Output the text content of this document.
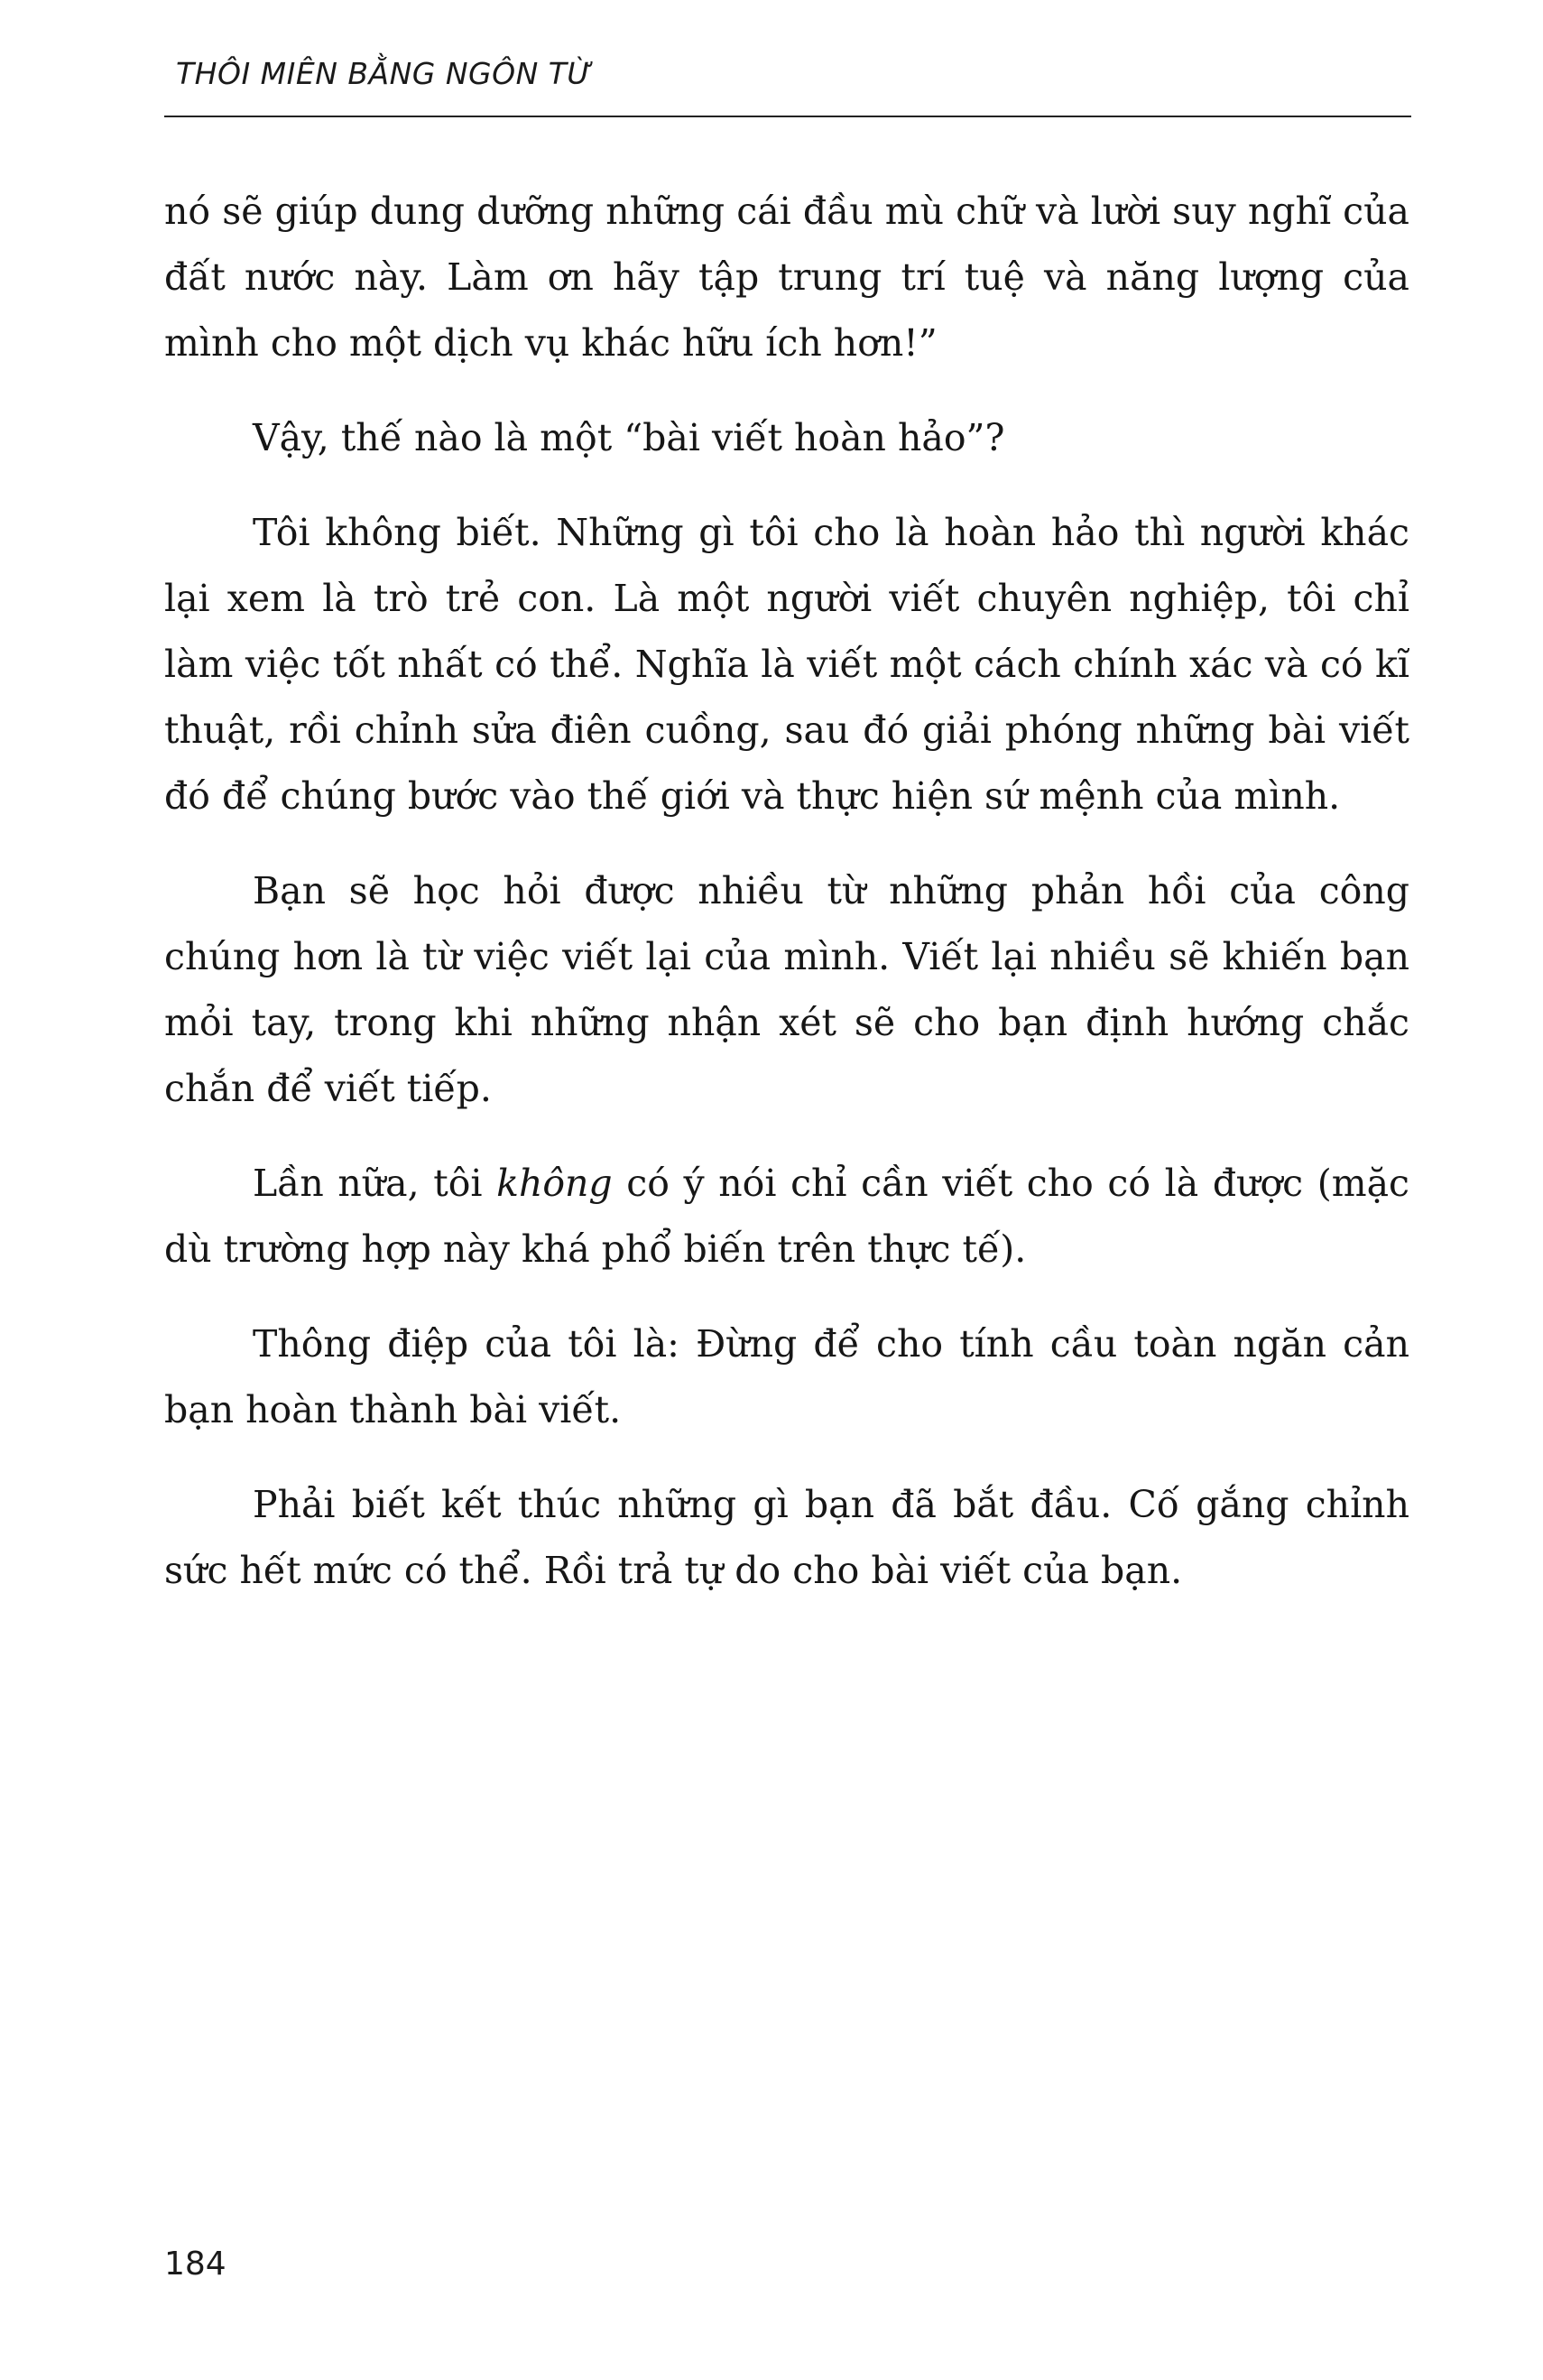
THÔI MIÊN BẰNG NGÔN TỪ

nó sẽ giúp dung dưỡng những cái đầu mù chữ và lười suy nghĩ của đất nước này. Làm ơn hãy tập trung trí tuệ và năng lượng của mình cho một dịch vụ khác hữu ích hơn!”

Vậy, thế nào là một “bài viết hoàn hảo”?

Tôi không biết. Những gì tôi cho là hoàn hảo thì người khác lại xem là trò trẻ con. Là một người viết chuyên nghiệp, tôi chỉ làm việc tốt nhất có thể. Nghĩa là viết một cách chính xác và có kĩ thuật, rồi chỉnh sửa điên cuồng, sau đó giải phóng những bài viết đó để chúng bước vào thế giới và thực hiện sứ mệnh của mình.

Bạn sẽ học hỏi được nhiều từ những phản hồi của công chúng hơn là từ việc viết lại của mình. Viết lại nhiều sẽ khiến bạn mỏi tay, trong khi những nhận xét sẽ cho bạn định hướng chắc chắn để viết tiếp.

Lần nữa, tôi không có ý nói chỉ cần viết cho có là được (mặc dù trường hợp này khá phổ biến trên thực tế).

Thông điệp của tôi là: Đừng để cho tính cầu toàn ngăn cản bạn hoàn thành bài viết.

Phải biết kết thúc những gì bạn đã bắt đầu. Cố gắng chỉnh sức hết mức có thể. Rồi trả tự do cho bài viết của bạn.

184
